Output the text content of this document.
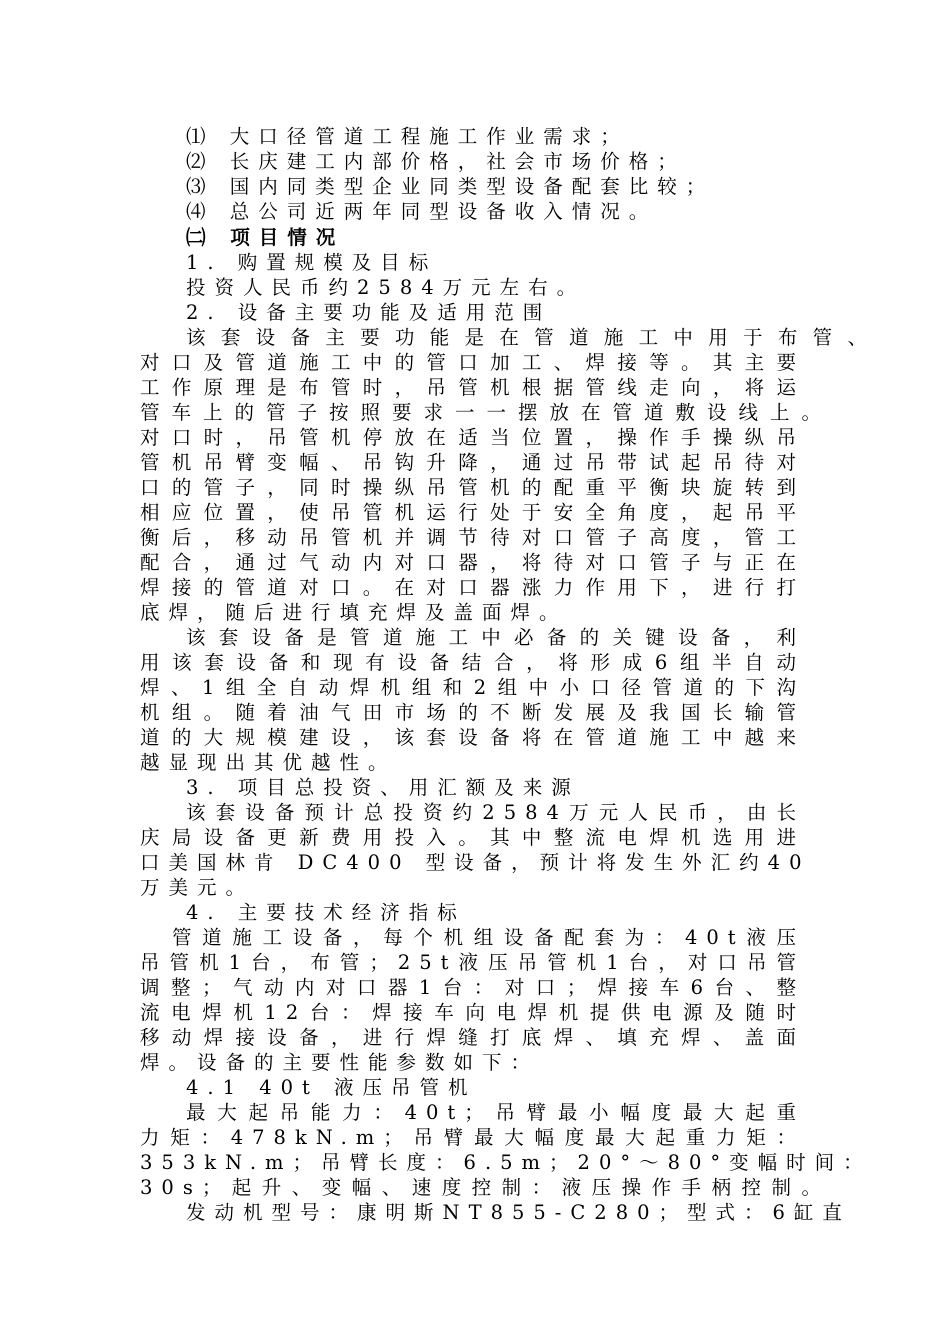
⑴ 大口径管道工程施工作业需求；
⑵ 长庆建工内部价格，社会市场价格；
⑶ 国内同类型企业同类型设备配套比较；
⑷ 总公司近两年同型设备收入情况。
㈡ 项目情况
1. 购置规模及目标
投资人民币约2584万元左右。
2. 设备主要功能及适用范围
该套设备主要功能是在管道施工中用于布管、
对口及管道施工中的管口加工、焊接等。其主要
工作原理是布管时，吊管机根据管线走向，将运
管车上的管子按照要求一一摆放在管道敷设线上。
对口时，吊管机停放在适当位置，操作手操纵吊
管机吊臂变幅、吊钩升降，通过吊带试起吊待对
口的管子，同时操纵吊管机的配重平衡块旋转到
相应位置，使吊管机运行处于安全角度，起吊平
衡后，移动吊管机并调节待对口管子高度，管工
配合，通过气动内对口器，将待对口管子与正在
焊接的管道对口。在对口器涨力作用下，进行打
底焊，随后进行填充焊及盖面焊。
该套设备是管道施工中必备的关键设备，利
用该套设备和现有设备结合，将形成6组半自动
焊、1组全自动焊机组和2组中小口径管道的下沟
机组。随着油气田市场的不断发展及我国长输管
道的大规模建设，该套设备将在管道施工中越来
越显现出其优越性。
3. 项目总投资、用汇额及来源
该套设备预计总投资约2584万元人民币，由长
庆局设备更新费用投入。其中整流电焊机选用进
口美国林肯 DC400 型设备，预计将发生外汇约40
万美元。
4. 主要技术经济指标
管道施工设备，每个机组设备配套为：40t液压
吊管机1台，布管；25t液压吊管机1台，对口吊管
调整；气动内对口器1台：对口；焊接车6台、整
流电焊机12台：焊接车向电焊机提供电源及随时
移动焊接设备，进行焊缝打底焊、填充焊、盖面
焊。设备的主要性能参数如下：
4.1 40t 液压吊管机
最大起吊能力：40t；吊臂最小幅度最大起重
力矩：478kN.m；吊臂最大幅度最大起重力矩：
353kN.m；吊臂长度：6.5m；20°～80°变幅时间：
30s；起升、变幅、速度控制：液压操作手柄控制。
发动机型号：康明斯NT855-C280；型式：6缸直
